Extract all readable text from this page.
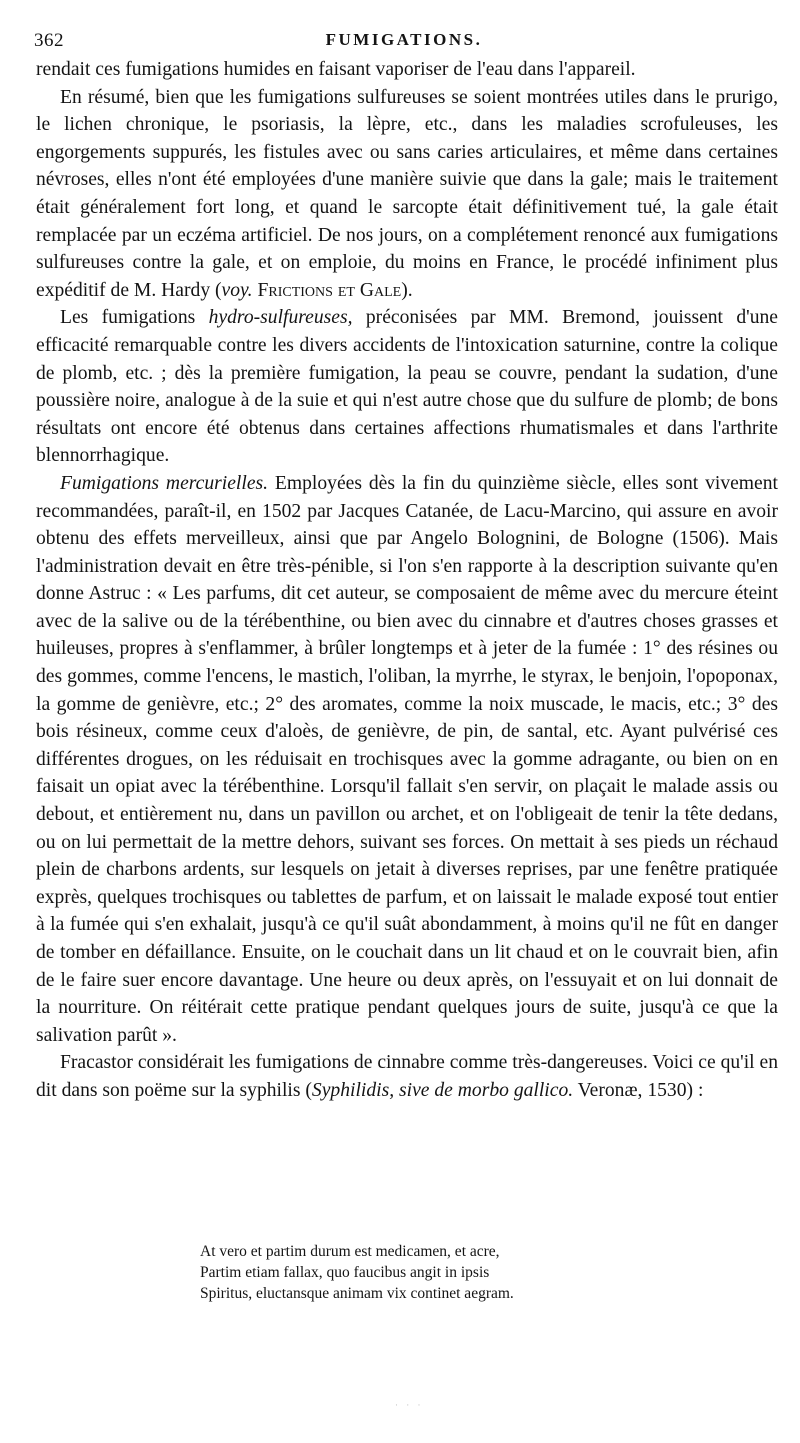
362	FUMIGATIONS.

rendait ces fumigations humides en faisant vaporiser de l'eau dans l'appareil.

En résumé, bien que les fumigations sulfureuses se soient montrées utiles dans le prurigo, le lichen chronique, le psoriasis, la lèpre, etc., dans les maladies scrofuleuses, les engorgements suppurés, les fistules avec ou sans caries articulaires, et même dans certaines névroses, elles n'ont été employées d'une manière suivie que dans la gale; mais le traitement était généralement fort long, et quand le sarcopte était définitivement tué, la gale était remplacée par un eczéma artificiel. De nos jours, on a complétement renoncé aux fumigations sulfureuses contre la gale, et on emploie, du moins en France, le procédé infiniment plus expéditif de M. Hardy (voy. Frictions et Gale).

Les fumigations hydro-sulfureuses, préconisées par MM. Bremond, jouissent d'une efficacité remarquable contre les divers accidents de l'intoxication saturnine, contre la colique de plomb, etc. ; dès la première fumigation, la peau se couvre, pendant la sudation, d'une poussière noire, analogue à de la suie et qui n'est autre chose que du sulfure de plomb; de bons résultats ont encore été obtenus dans certaines affections rhumatismales et dans l'arthrite blennorrhagique.

Fumigations mercurielles. Employées dès la fin du quinzième siècle, elles sont vivement recommandées, paraît-il, en 1502 par Jacques Catanée, de Lacu-Marcino, qui assure en avoir obtenu des effets merveilleux, ainsi que par Angelo Bolognini, de Bologne (1506). Mais l'administration devait en être très-pénible, si l'on s'en rapporte à la description suivante qu'en donne Astruc : « Les parfums, dit cet auteur, se composaient de même avec du mercure éteint avec de la salive ou de la térébenthine, ou bien avec du cinnabre et d'autres choses grasses et huileuses, propres à s'enflammer, à brûler longtemps et à jeter de la fumée : 1° des résines ou des gommes, comme l'encens, le mastich, l'oliban, la myrrhe, le styrax, le benjoin, l'opoponax, la gomme de genièvre, etc.; 2° des aromates, comme la noix muscade, le macis, etc.; 3° des bois résineux, comme ceux d'aloès, de genièvre, de pin, de santal, etc. Ayant pulvérisé ces différentes drogues, on les réduisait en trochisques avec la gomme adragante, ou bien on en faisait un opiat avec la térébenthine. Lorsqu'il fallait s'en servir, on plaçait le malade assis ou debout, et entièrement nu, dans un pavillon ou archet, et on l'obligeait de tenir la tête dedans, ou on lui permettait de la mettre dehors, suivant ses forces. On mettait à ses pieds un réchaud plein de charbons ardents, sur lesquels on jetait à diverses reprises, par une fenêtre pratiquée exprès, quelques trochisques ou tablettes de parfum, et on laissait le malade exposé tout entier à la fumée qui s'en exhalait, jusqu'à ce qu'il suât abondamment, à moins qu'il ne fût en danger de tomber en défaillance. Ensuite, on le couchait dans un lit chaud et on le couvrait bien, afin de le faire suer encore davantage. Une heure ou deux après, on l'essuyait et on lui donnait de la nourriture. On réitérait cette pratique pendant quelques jours de suite, jusqu'à ce que la salivation parût ».

Fracastor considérait les fumigations de cinnabre comme très-dangereuses. Voici ce qu'il en dit dans son poëme sur la syphilis (Syphilidis, sive de morbo gallico. Veronæ, 1530) :

At vero et partim durum est medicamen, et acre,
Partim etiam fallax, quo faucibus angit in ipsis
Spiritus, eluctansque animam vix continet aegram.
· · ·
